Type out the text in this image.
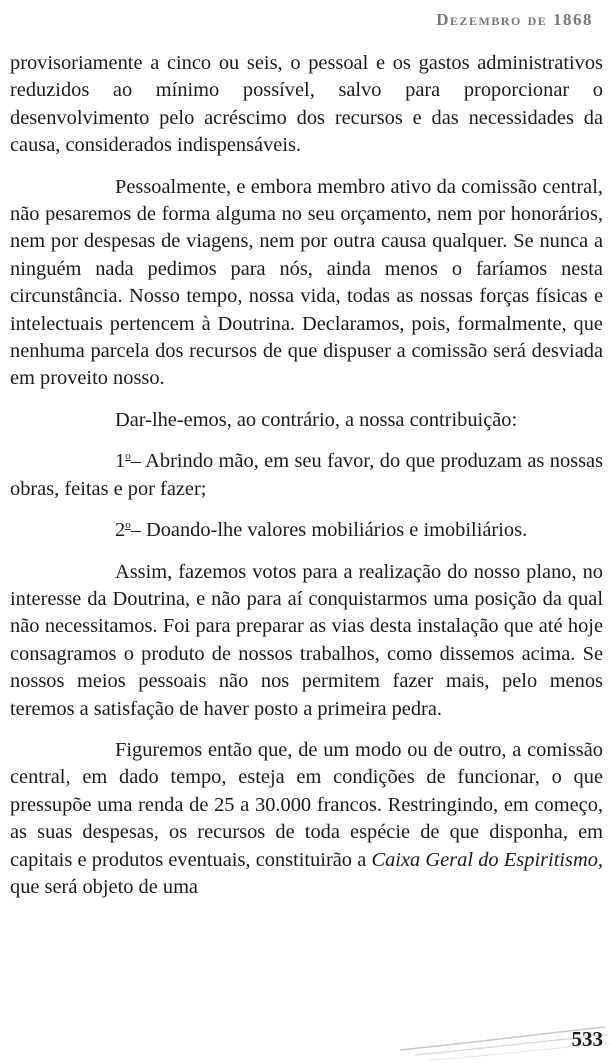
Dezembro de 1868

provisoriamente a cinco ou seis, o pessoal e os gastos administrativos reduzidos ao mínimo possível, salvo para proporcionar o desenvolvimento pelo acréscimo dos recursos e das necessidades da causa, considerados indispensáveis.

Pessoalmente, e embora membro ativo da comissão central, não pesaremos de forma alguma no seu orçamento, nem por honorários, nem por despesas de viagens, nem por outra causa qualquer. Se nunca a ninguém nada pedimos para nós, ainda menos o faríamos nesta circunstância. Nosso tempo, nossa vida, todas as nossas forças físicas e intelectuais pertencem à Doutrina. Declaramos, pois, formalmente, que nenhuma parcela dos recursos de que dispuser a comissão será desviada em proveito nosso.

Dar-lhe-emos, ao contrário, a nossa contribuição:

1$^o$– Abrindo mão, em seu favor, do que produzam as nossas obras, feitas e por fazer;

2$^o$– Doando-lhe valores mobiliários e imobiliários.

Assim, fazemos votos para a realização do nosso plano, no interesse da Doutrina, e não para aí conquistarmos uma posição da qual não necessitamos. Foi para preparar as vias desta instalação que até hoje consagramos o produto de nossos trabalhos, como dissemos acima. Se nossos meios pessoais não nos permitem fazer mais, pelo menos teremos a satisfação de haver posto a primeira pedra.

Figuremos então que, de um modo ou de outro, a comissão central, em dado tempo, esteja em condições de funcionar, o que pressupõe uma renda de 25 a 30.000 francos. Restringindo, em começo, as suas despesas, os recursos de toda espécie de que disponha, em capitais e produtos eventuais, constituirão a Caixa Geral do Espiritismo, que será objeto de uma

533
